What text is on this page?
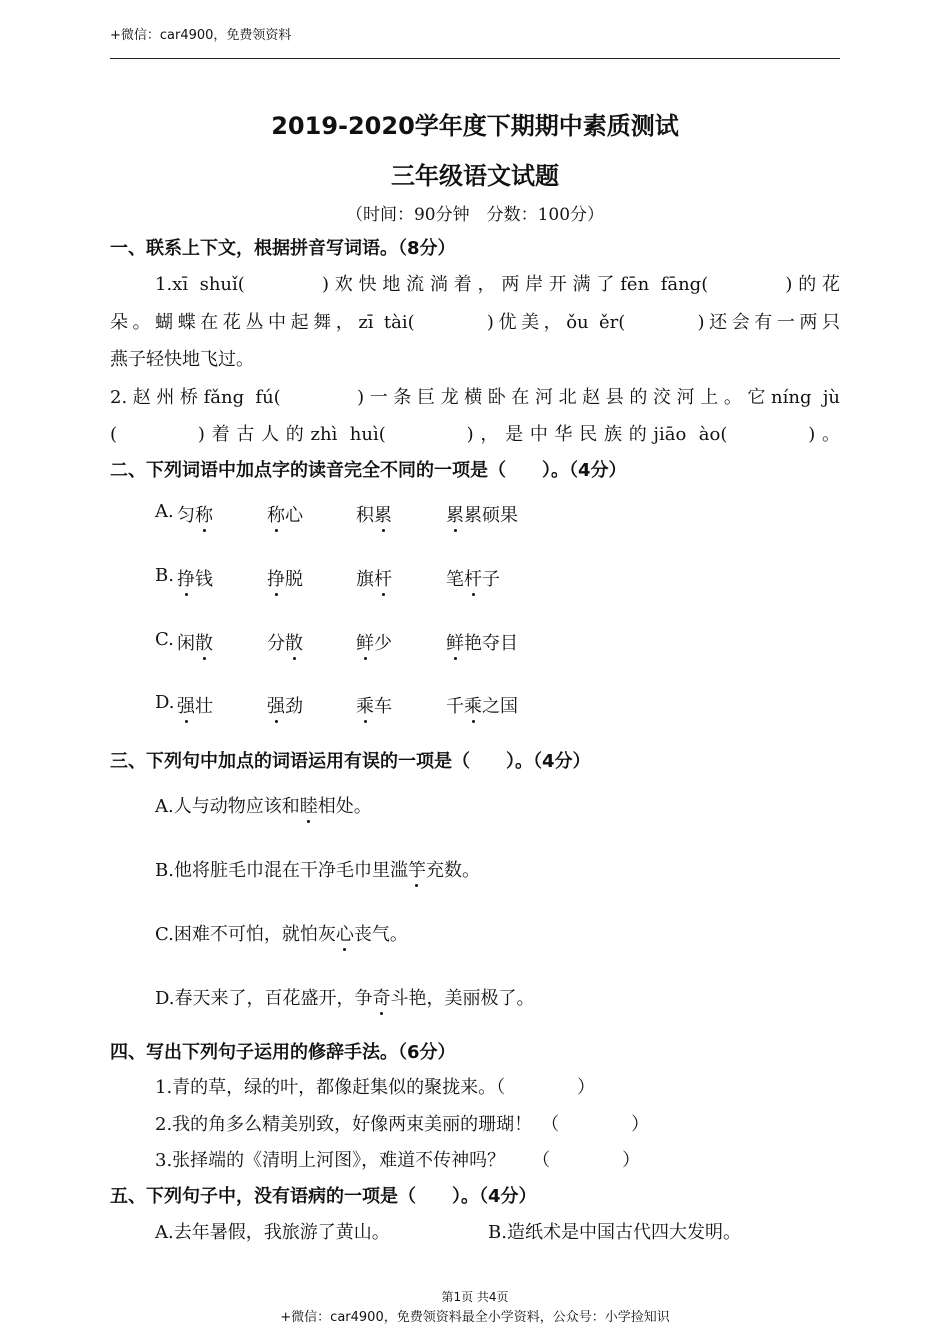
+微信：car4900，免费领资料
2019-2020学年度下期期中素质测试
三年级语文试题
（时间：90分钟　分数：100分）
一、联系上下文，根据拼音写词语。（8分）
1.xī shuǐ(　　　)欢快地流淌着，两岸开满了fēn fāng(　　　)的花
朵。蝴蝶在花丛中起舞，zī tài(　　　)优美，ǒu ěr(　　　)还会有一两只
燕子轻快地飞过。
2.赵州桥fǎng fú(　　　)一条巨龙横卧在河北赵县的洨河上。它níng jù
(　　　)着古人的zhì huì(　　　)，是中华民族的jiāo ào(　　　)。
二、下列词语中加点字的读音完全不同的一项是（　　）。（4分）
A. 匀称	称心	积累	累累硕果
B. 挣钱	挣脱	旗杆	笔杆子
C. 闲散	分散	鲜少	鲜艳夺目
D. 强壮	强劲	乘车	千乘之国
三、下列句中加点的词语运用有误的一项是（　　）。（4分）
A.人与动物应该和睦相处。
B.他将脏毛巾混在干净毛巾里滥竽充数。
C.困难不可怕，就怕灰心丧气。
D.春天来了，百花盛开，争奇斗艳，美丽极了。
四、写出下列句子运用的修辞手法。（6分）
1.青的草，绿的叶，都像赶集似的聚拢来。（　　　　）
2.我的角多么精美别致，好像两束美丽的珊瑚！　（　　　　）
3.张择端的《清明上河图》，难道不传神吗？　　（　　　　）
五、下列句子中，没有语病的一项是（　　）。（4分）
A.去年暑假，我旅游了黄山。	B.造纸术是中国古代四大发明。
第1页 共4页
+微信：car4900，免费领资料最全小学资料，公众号：小学捡知识
